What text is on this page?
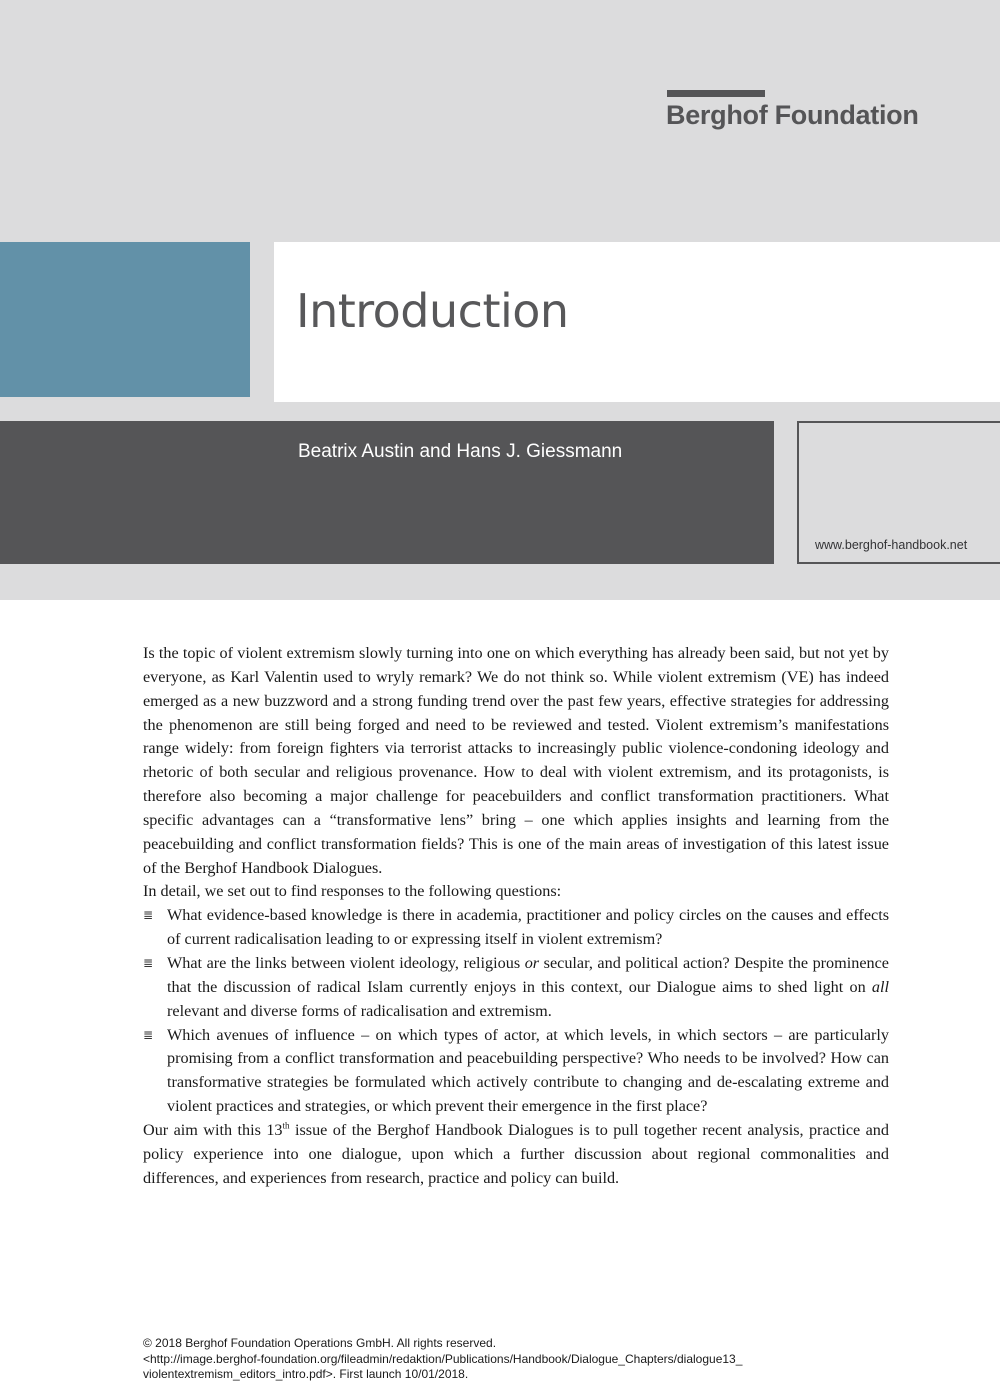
Berghof Foundation
Introduction
Beatrix Austin and Hans J. Giessmann
www.berghof-handbook.net

Is the topic of violent extremism slowly turning into one on which everything has already been said, but not yet by everyone, as Karl Valentin used to wryly remark? We do not think so. While violent extremism (VE) has indeed emerged as a new buzzword and a strong funding trend over the past few years, effective strategies for addressing the phenomenon are still being forged and need to be reviewed and tested. Violent extremism’s manifestations range widely: from foreign fighters via terrorist attacks to increasingly public violence-condoning ideology and rhetoric of both secular and religious provenance. How to deal with violent extremism, and its protagonists, is therefore also becoming a major challenge for peacebuilders and conflict transformation practitioners. What specific advantages can a “transformative lens” bring – one which applies insights and learning from the peacebuilding and conflict transformation fields? This is one of the main areas of investigation of this latest issue of the Berghof Handbook Dialogues.

In detail, we set out to find responses to the following questions:

≣ What evidence-based knowledge is there in academia, practitioner and policy circles on the causes and effects of current radicalisation leading to or expressing itself in violent extremism?
≣ What are the links between violent ideology, religious or secular, and political action? Despite the prominence that the discussion of radical Islam currently enjoys in this context, our Dialogue aims to shed light on all relevant and diverse forms of radicalisation and extremism.
≣ Which avenues of influence – on which types of actor, at which levels, in which sectors – are particularly promising from a conflict transformation and peacebuilding perspective? Who needs to be involved? How can transformative strategies be formulated which actively contribute to changing and de-escalating extreme and violent practices and strategies, or which prevent their emergence in the first place?

Our aim with this 13th issue of the Berghof Handbook Dialogues is to pull together recent analysis, practice and policy experience into one dialogue, upon which a further discussion about regional commonalities and differences, and experiences from research, practice and policy can build.

© 2018 Berghof Foundation Operations GmbH. All rights reserved.
<http://image.berghof-foundation.org/fileadmin/redaktion/Publications/Handbook/Dialogue_Chapters/dialogue13_
violentextremism_editors_intro.pdf>. First launch 10/01/2018.
